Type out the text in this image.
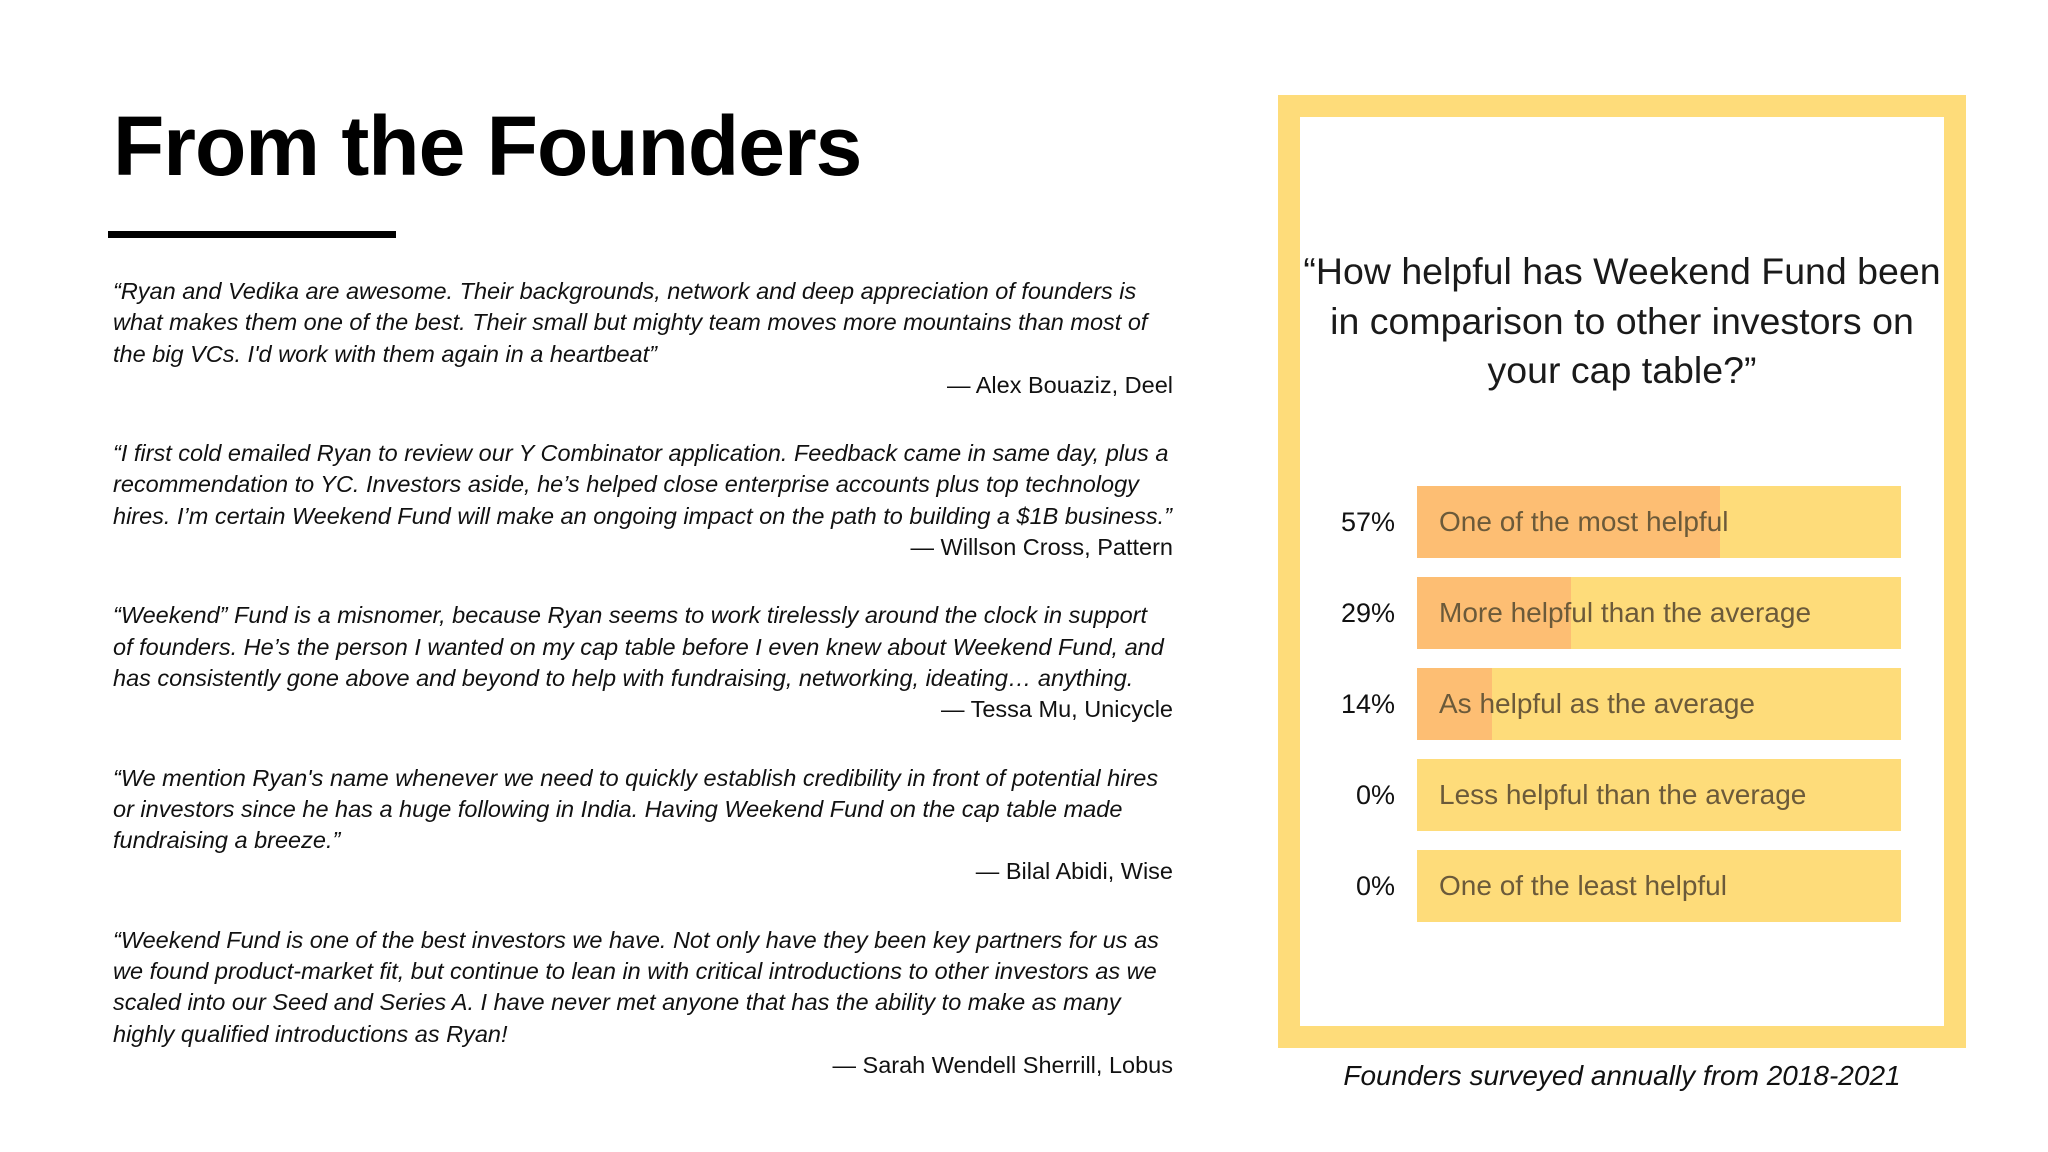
From the Founders

“Ryan and Vedika are awesome. Their backgrounds, network and deep appreciation of founders is what makes them one of the best. Their small but mighty team moves more mountains than most of the big VCs. I'd work with them again in a heartbeat”

— Alex Bouaziz, Deel

“I first cold emailed Ryan to review our Y Combinator application. Feedback came in same day, plus a recommendation to YC. Investors aside, he’s helped close enterprise accounts plus top technology hires. I’m certain Weekend Fund will make an ongoing impact on the path to building a $1B business.”

— Willson Cross, Pattern

“Weekend” Fund is a misnomer, because Ryan seems to work tirelessly around the clock in support of founders. He’s the person I wanted on my cap table before I even knew about Weekend Fund, and has consistently gone above and beyond to help with fundraising, networking, ideating… anything.

— Tessa Mu, Unicycle

“We mention Ryan's name whenever we need to quickly establish credibility in front of potential hires or investors since he has a huge following in India. Having Weekend Fund on the cap table made fundraising a breeze.”

— Bilal Abidi, Wise

“Weekend Fund is one of the best investors we have. Not only have they been key partners for us as we found product-market fit, but continue to lean in with critical introductions to other investors as we scaled into our Seed and Series A. I have never met anyone that has the ability to make as many highly qualified introductions as Ryan!

— Sarah Wendell Sherrill, Lobus

“How helpful has Weekend Fund been in comparison to other investors on your cap table?”

57% One of the most helpful
29% More helpful than the average
14% As helpful as the average
0% Less helpful than the average
0% One of the least helpful

Founders surveyed annually from 2018-2021
